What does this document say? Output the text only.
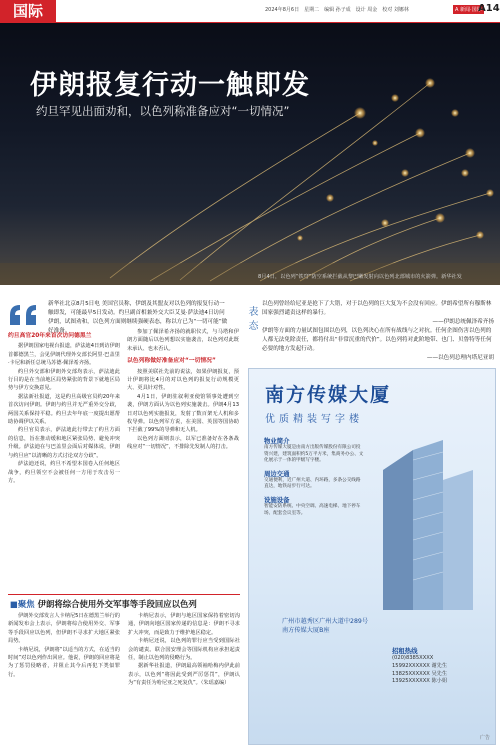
国际	2024年8月6日　星期二　编辑 孙子成　设计 周金　校对 刘娜林	A 新闻·国际
A14
伊朗报复行动一触即发
约旦罕见出面劝和，以色列称准备应对“一切情况”
8月4日，以色列“铁穹”防空系统拦截从黎巴嫩发射向以色列北部城市的火箭弹。新华社发
新华社北京8月5日电 美国官员称，伊朗及其盟友对以色列的报复行动一触即发，可能最早5日发动。约旦副首相兼外交大臣艾曼·萨法迪4日访问伊朗，试图劝和，以色列方面则继续强硬表态，称以方已为“一切可能”做好准备。	表态
以色列曾经给尼亚是抢下了大错，对于以色列的巨大复为不会没有回应。伊朗希望所有穆斯林国家强烈谴责这样的暴行。
——伊朗总统佩泽希齐扬
伊朗等方面的力量试图包围以色列，以色列决心在所有战线与之对抗。任何企图伤害以色列的人都无法免除责任，都将付出“非常沉重的代价”。以色列将对此阶地带、也门、贝鲁特等任何必要的地方发起行动。
——以色列总理内塔尼亚胡
约旦高官20年来首次访问德黑兰

据伊朗国家电视台报道，萨法迪4日到访伊朗首都德黑兰，会见伊朗代理外交部长阿里·巴盖里·卡尼和新任总统马苏德·佩泽希齐扬。

约旦外交部和伊朗外交部均表示，萨法迪此行目的是在当前地区局势紧张的背景下就地区局势与伊方交换意见。

据法新社报道，这是约旦高级官员约20年来首次访问伊朗。伊朗与约旦并无严重外交分歧，两国关系保持平稳。约旦去年年底一度提出愿帮助协调伊以关系。

约旦官员表示，萨法迪此行带去了约旦方面的信息，旨在推动缓和地区紧张局势、避免冲突升级。萨法迪在与巴盖里会面后对媒体说，伊朗与约旦应“以清晰的方式讨论双方分歧”。

萨法迪还说，约旦不希望本国卷入任何地区战争，约旦领空不会被任何一方用于攻击另一方。

参加了佩泽希齐扬的就职仪式，与马塔和伊朗方面随后以色列想以实施袭击，以色列对此既未承认、也未否认。

以色列称做好准备应对“一切情况”

按照美联社先前的说法，如果伊朗报复，预计伊朗将比4月的对以色列的报复行动规模更大、更具针对性。

4月1日，伊朗驻叙利亚使馆领事处遭到空袭，伊朗方面认为以色列实施袭击。伊朗4月13日对以色列实施报复，发射了数百架无人机和多枚导弹。以色列军方说，在美国、英国等国协助下拦截了99%的导弹和无人机。

以色列方面则表示，以军已准备好在各条战线应对“一切情况”，不排除先发制人的打击。

南方传媒大厦
优质精装写字楼
物业简介
南方传媒大厦是由南方出版传媒股份有限公司投资兴建，建筑面积约5万平方米，集商务办公、文化展示于一体的甲级写字楼。
周边交通
交通便利，近广州大道、内环路，多条公交线路直达，地铁站步行可达。
设施设备
智能安防系统、中央空调、高速电梯、地下停车场、配套会议室等。
广州市越秀区广州大道中289号
南方传媒大厦B座
招租热线
(020)8385XXXX
15992XXXXXX 谢先生
13825XXXXXX 吴先生
13925XXXXXX 陈小姐
广告
■聚焦 伊朗将综合使用外交军事等手段回应以色列

伊朗外交部发言人卡纳尼5日在德黑兰举行的新闻发布会上表示，伊朗将综合使用外交、军事等手段回应以色列，但伊朗不寻求扩大地区紧张局势。

卡纳尼说，伊朗将“以适当的方式，在适当的时间”对以色列作出回应。他说，伊朗的回应将是为了惩罚侵略者，并阻止其今后再犯下类似罪行。

卡纳尼表示，伊朗与地区国家保持着密切沟通，伊朗向地区国家传递的信息是：伊朗不寻求扩大冲突，而是致力于维护地区稳定。

卡纳尼还说，以色列的罪行应当受到国际社会的谴责。联合国安理会等国际机构应承担起责任，制止以色列的侵略行为。

据新华社报道，伊朗最高领袖哈梅内伊此前表示，以色列“将因此受到严厉惩罚”，伊朗认为“有责任为哈尼亚之死复仇”。（朱瑶嘉编）
